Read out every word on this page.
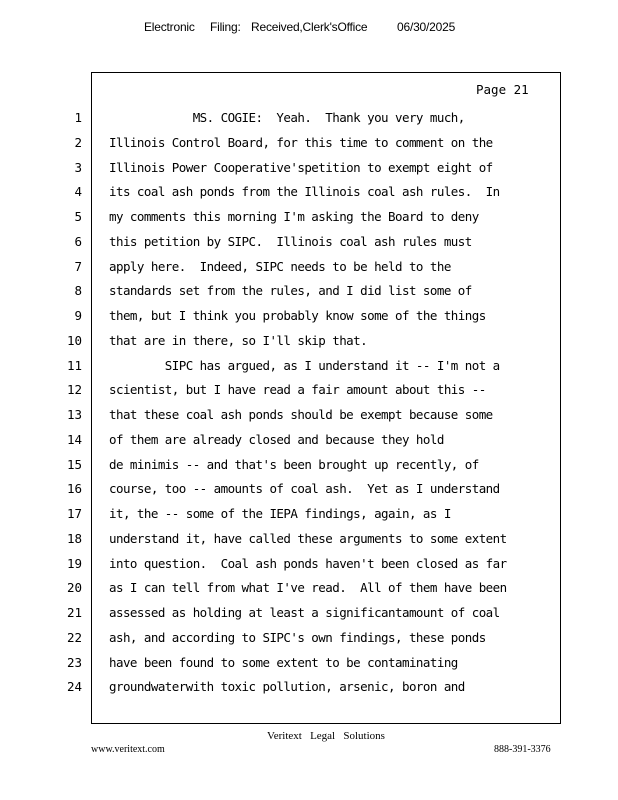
Electronic Filing: Received,Clerk'sOffice 06/30/2025
Page 21
1 MS. COGIE:  Yeah.  Thank you very much,
2 Illinois Control Board, for this time to comment on the
3 Illinois Power Cooperative'spetition to exempt eight of
4 its coal ash ponds from the Illinois coal ash rules.  In
5 my comments this morning I'm asking the Board to deny
6 this petition by SIPC.  Illinois coal ash rules must
7 apply here.  Indeed, SIPC needs to be held to the
8 standards set from the rules, and I did list some of
9 them, but I think you probably know some of the things
10 that are in there, so I'll skip that.
11 SIPC has argued, as I understand it -- I'm not a
12 scientist, but I have read a fair amount about this --
13 that these coal ash ponds should be exempt because some
14 of them are already closed and because they hold
15 de minimis -- and that's been brought up recently, of
16 course, too -- amounts of coal ash.  Yet as I understand
17 it, the -- some of the IEPA findings, again, as I
18 understand it, have called these arguments to some extent
19 into question.  Coal ash ponds haven't been closed as far
20 as I can tell from what I've read.  All of them have been
21 assessed as holding at least a significantamount of coal
22 ash, and according to SIPC's own findings, these ponds
23 have been found to some extent to be contaminating
24 groundwaterwith toxic pollution, arsenic, boron and
Veritext   Legal   Solutions
www.veritext.com	888-391-3376
